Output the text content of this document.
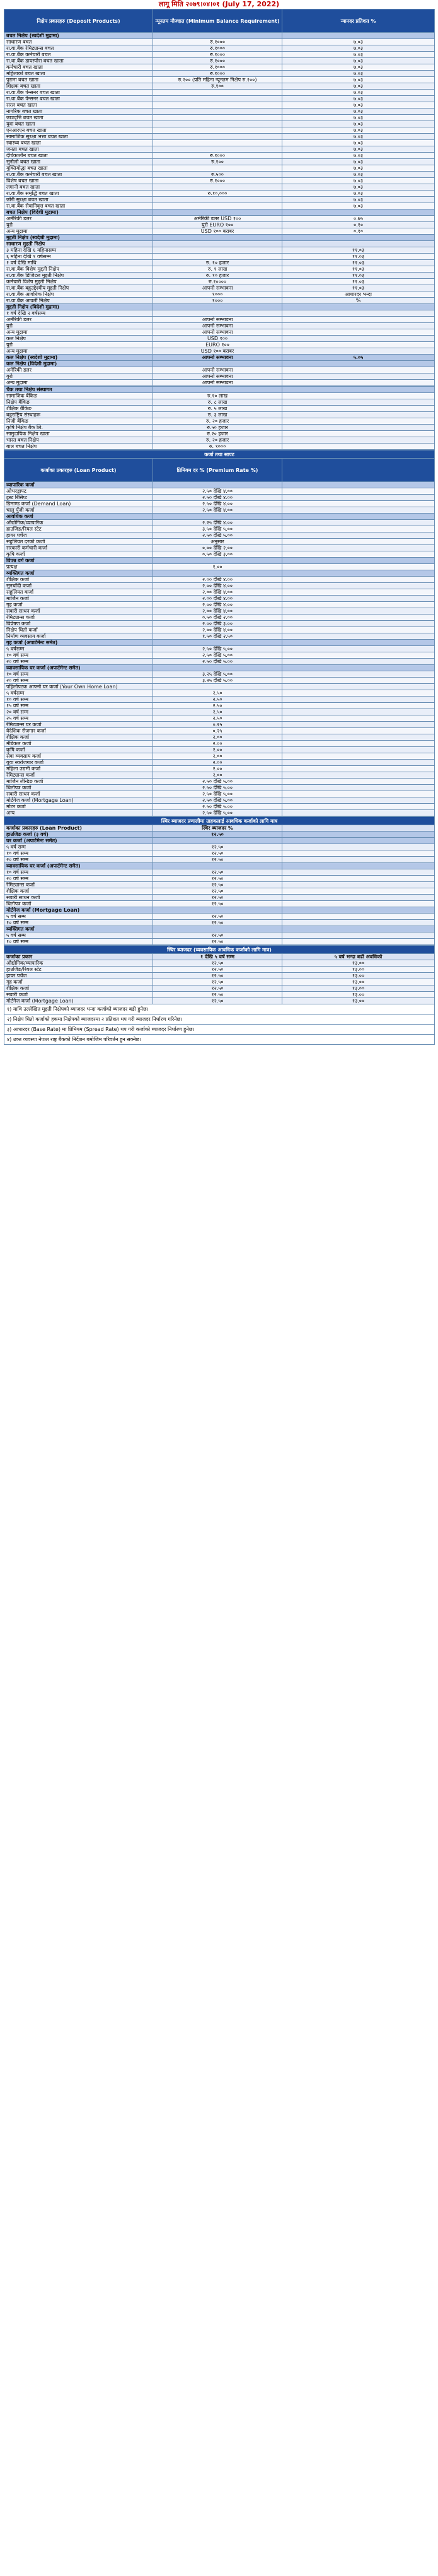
लागू मिति २०७९।०४।०१ (July 17, 2022)
निक्षेप प्रकारहरु (Deposit Products)	न्यूनतम मौज्दात (Minimum Balance Requirement)	न्यानदर प्रतिशत %
बचत निक्षेप (स्वदेशी मुद्रामा)		
साधारण बचत	रु.१०००	७.०३
रा.वा.बैंक रेमिट्यान्स बचत	रु.१०००	७.०३
रा.वा.बैंक कर्मचारी बचत	रु.१०००	७.०३
रा.वा.बैंक डायस्पोरा बचत खाता	रु.१०००	७.०३
कर्मचारी बचत खाता	रु.१०००	७.०३
महिलाको बचत खाता	रु.१०००	७.०३
पुराना बचत खाता	रु.२०० (प्रति महिना न्यूनतम निक्षेप रु.१००)	७.०३
शिक्षक बचत खाता	रु.१००	७.०३
रा.वा.बैंक पेन्सनर बचत खाता		७.०३
रा.वा.बैंक पेन्सनर बचत खाता		७.०३
सरल बचत खाता		७.०३
नागरिक बचत खाता		७.०३
छात्रवृत्ति बचत खाता		७.०३
युवा बचत खाता		७.०३
एनआरएन बचत खाता		७.०३
सामाजिक सुरक्षा भत्ता बचत खाता		७.०३
स्वास्थ्य बचत खाता		७.०३
जनता बचत खाता		७.०३
दीर्घकालीन बचत खाता	रु.१०००	७.०३
सुनौलो बचत खाता	रु.१००	७.०३
मुक्तियोद्धा बचत खाता		७.०३
रा.वा.बैंक कर्मचारी बचत खाता	रु.५००	७.०३
विशेष बचत खाता	रु.१०००	७.०३
लगानी बचत खाता		७.०३
रा.वा.बैंक समृद्धि बचत खाता	रु.१०,०००	७.०३
छोरी सुरक्षा बचत खाता		७.०३
रा.वा.बैंक सेवानिवृत्त बचत खाता		७.०३
बचत निक्षेप (विदेशी मुद्रामा)		
अमेरिकी डलर	अमेरिकी डलर USD १००	०.७५
युरो	युरो EURO १००	०.१०
अन्य मुद्रामा	USD १०० बराबर	०.१०
मुद्दती निक्षेप (स्वदेशी मुद्रामा)		
साधारण मुद्दती निक्षेप		
३ महिना देखि ६ महिनासम्म		११.०३
६ महिना देखि १ वर्षसम्म		११.०३
१ वर्ष देखि माथि	रु. १० हजार	११.०३
रा.वा.बैंक विशेष मुद्दती निक्षेप	रु. १ लाख	११.०३
रा.वा.बैंक डिजिटल मुद्दती निक्षेप	रु. १० हजार	११.०३
कर्मचारी विशेष मुद्दती निक्षेप	रु.१००००	११.०३
रा.वा.बैंक बहुउद्देश्यीय मुद्दती निक्षेप	आफ्नो सम्भावना	११.०३
रा.वा.बैंक आवधिक निक्षेप	१०००	आधारदर भन्दा
रा.वा.बैंक आवर्ती निक्षेप	१०००	%
मुद्दती निक्षेप (विदेशी मुद्रामा)		
१ वर्ष देखि २ वर्षसम्म		
अमेरिकी डलर	आफ्नो सम्भावना	
युरो	आफ्नो सम्भावना	
अन्य मुद्रामा	आफ्नो सम्भावना	
कल निक्षेप	USD १००	
युरो	EURO १००	
अन्य मुद्रामा	USD १०० बराबर	
कल निक्षेप (स्वदेशी मुद्रामा)	आफ्नो सम्भावना	५.०५
कल निक्षेप (विदेशी मुद्रामा)		
अमेरिकी डलर	आफ्नो सम्भावना	
युरो	आफ्नो सम्भावना	
अन्य मुद्रामा	आफ्नो सम्भावना	
चैक तथा निक्षेप संस्थागत		
सामाजिक बैंकिङ	रु.१० लाख	
निक्षेप बैंकिङ	रु. ८ लाख	
शैक्षिक बैंकिङ	रु. ५ लाख	
बहुराष्ट्रिय संस्थाहरू	रु. ३ लाख	
निजी बैंकिङ	रु. २० हजार	
कृषि निक्षेप बैंक लि.	रु.५० हजार	
सामुदायिक निक्षेप खाता	रु.२० हजार	
भारत बचत निक्षेप	रु. २० हजार	
बाल बचत निक्षेप	रु. १०००	
कर्जा तथा सापट		
कर्जाका प्रकारहरु (Loan Product)	प्रिमियम दर % (Premium Rate %)	
व्यापारिक कर्जा		
ओभरड्राफ्ट	२.५० देखि ४.००	
ट्रस्ट रिसिप्ट	२.५० देखि ४.००	
डिमाण्ड कर्जा (Demand Loan)	२.५० देखि ४.००	
चालु पुँजी कर्जा	२.५० देखि ४.००	
आवधिक कर्जा		
औद्योगिक/व्यापारिक	२.२५ देखि ४.००	
हाउजिङ/रियल स्टेट	३.५० देखि ५.००	
हायर पर्चेज	२.५० देखि ५.००	
सहुलियत दरको कर्जा	अनुसार	
सरकारी कर्मचारी कर्जा	०.०० देखि २.००	
कृषि कर्जा	०.५० देखि ३.००	
विपन्न वर्ग कर्जा		
प्रत्यक्ष	१.००	
व्यक्तिगत कर्जा		
शैक्षिक कर्जा	२.०० देखि ४.००	
सुनचाँदी कर्जा	२.०० देखि ४.००	
सहुलियत कर्जा	२.०० देखि ४.००	
मार्जिन कर्जा	२.०० देखि ४.००	
गृह कर्जा	२.०० देखि ४.००	
सवारी साधन कर्जा	२.०० देखि ४.००	
रेमिट्यान्स कर्जा	०.५० देखि २.००	
विप्रेषण कर्जा	२.०० देखि ३.००	
निक्षेप धितो कर्जा	२.०० देखि ४.००	
निर्माण व्यवसाय कर्जा	१.५० देखि २.५०	
गृह कर्जा (अपार्टमेन्ट समेत)		
५ वर्षसम्म	२.५० देखि ५.००	
१० वर्ष सम्म	२.५० देखि ५.००	
२० वर्ष सम्म	२.५० देखि ५.००	
व्यावसायिक घर कर्जा (अपार्टमेन्ट समेत)		
१० वर्ष सम्म	३.२५ देखि ५.००	
२० वर्ष सम्म	३.२५ देखि ५.००	
पहिलोपटक आफ्नो घर कर्जा (Your Own Home Loan)		
५ वर्षसम्म	२.५०	
१० वर्ष सम्म	२.५०	
१५ वर्ष सम्म	२.५०	
२० वर्ष सम्म	२.५०	
२५ वर्ष सम्म	२.५०	
रेमिट्यान्स घर कर्जा	०.२५	
वैदेशिक रोजगार कर्जा	०.२५	
शैक्षिक कर्जा	२.००	
मेडिकल कर्जा	२.००	
कृषि कर्जा	२.००	
सेवा व्यवसाय कर्जा	२.००	
युवा स्वरोजगार कर्जा	२.००	
महिला उद्यमी कर्जा	२.००	
रेमिट्यान्स कर्जा	२.००	
मार्जिन लेन्डिङ कर्जा	२.५० देखि ५.००	
धितोपत्र कर्जा	२.५० देखि ५.००	
सवारी साधन कर्जा	२.५० देखि ५.००	
मोर्टगेज कर्जा (Mortgage Loan)	२.५० देखि ५.००	
मोटर कर्जा	२.५० देखि ५.००	
अन्य	२.५० देखि ५.००	
स्थिर ब्याजदर प्रणालीमा ग्राहकलाई आवधिक कर्जाको लागि मात्र		
कर्जाका प्रकारहरु (Loan Product)	स्थिर ब्याजदर %	
हाउजिङ कर्जा (३ वर्ष)	१२.५०	
घर कर्जा (अपार्टमेन्ट समेत)		
५ वर्ष सम्म	१२.५०	
१० वर्ष सम्म	१२.५०	
२० वर्ष सम्म	१२.५०	
व्यावसायिक घर कर्जा (अपार्टमेन्ट समेत)		
१० वर्ष सम्म	१२.५०	
२० वर्ष सम्म	१२.५०	
रेमिट्यान्स कर्जा	१२.५०	
शैक्षिक कर्जा	१२.५०	
सवारी साधन कर्जा	१२.५०	
धितोपत्र कर्जा	१२.५०	
मोर्टगेज कर्जा (Mortgage Loan)		
५ वर्ष सम्म	१२.५०	
१० वर्ष सम्म	१२.५०	
व्यक्तिगत कर्जा		
५ वर्ष सम्म	१२.५०	
१० वर्ष सम्म	१२.५०	
स्थिर ब्याजदर (व्यवसायिक आवधिक कर्जाको लागि मात्र)		
कर्जाका प्रकार	१ देखि ५ वर्ष सम्म	५ वर्ष भन्दा बढी अवधिको
औद्योगिक/व्यापारिक	१२.५०	१३.००
हाउजिङ/रियल स्टेट	१२.५०	१३.००
हायर पर्चेज	१२.५०	१३.००
गृह कर्जा	१२.५०	१३.००
शैक्षिक कर्जा	१२.५०	१३.००
सवारी कर्जा	१२.५०	१३.००
मोर्टगेज कर्जा (Mortgage Loan)	१२.५०	१३.००
१) माथि उल्लेखित मुद्दती निक्षेपको ब्याजदर भन्दा कर्जाको ब्याजदर बढी हुनेछ।		
२) निक्षेप धितो कर्जाको हकमा निक्षेपको ब्याजदरमा २ प्रतिशत थप गरी ब्याजदर निर्धारण गरिनेछ।		
३) आधारदर (Base Rate) मा प्रिमियम (Spread Rate) थप गरी कर्जाको ब्याजदर निर्धारण हुनेछ।		
४) उक्त व्यवस्था नेपाल राष्ट्र बैंकको निर्देशन बमोजिम परिवर्तन हुन सक्नेछ।		
